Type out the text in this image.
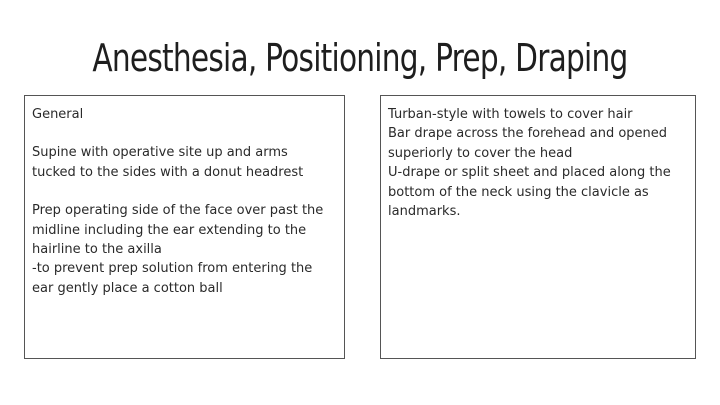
Anesthesia, Positioning, Prep, Draping

General

Supine with operative site up and arms
tucked to the sides with a donut headrest

Prep operating side of the face over past the
midline including the ear extending to the
hairline to the axilla
-to prevent prep solution from entering the
ear gently place a cotton ball

Turban-style with towels to cover hair
Bar drape across the forehead and opened
superiorly to cover the head
U-drape or split sheet and placed along the
bottom of the neck using the clavicle as
landmarks.
